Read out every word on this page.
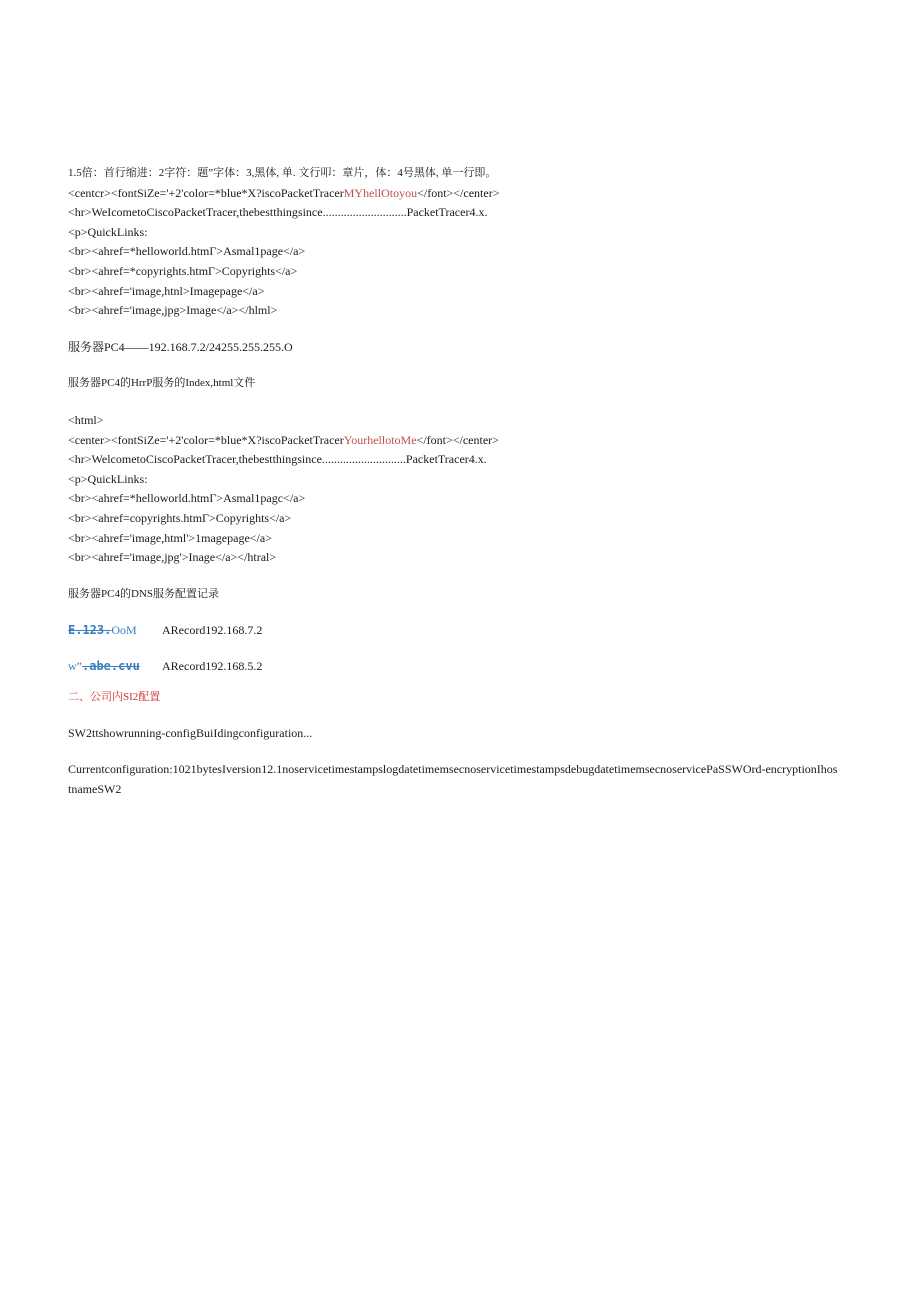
1.5倍：首行缩进：2字符：题”字体：3,黑体, 单. 文行叩：章片，体：4号黑体, 单一行即。
<centcr><fontSiZe='+2'color=*blue*X?iscoPacketTracerMYhellOtoyou</font></center>
<hr>WeIcometoCiscoPacketTracer,thebestthingsince............................PacketTracer4.x.
<p>QuickLinks:
<br><ahref=*helloworld.htmΓ>Asmal1page</a>
<br><ahref=*copyrights.htmΓ>Copyrights</a>
<br><ahref='image,htnl>Imagepage</a>
<br><ahref='image,jpg>Image</a></hlml>
服务器PC4——192.168.7.2/24255.255.255.O
服务器PC4的HrrP服务的Index,html文件
<html>
<center><fontSiZe='+2'color=*blue*X?iscoPacketTracerYourhellotoMe</font></center>
<hr>WelcometoCiscoPacketTracer,thebestthingsince............................PacketTracer4.x.
<p>QuickLinks:
<br><ahref=*helloworld.htmΓ>Asmal1pagc</a>
<br><ahref=copyrights.htmΓ>Copyrights</a>
<br><ahref='image,html'>1magepage</a>
<br><ahref='image,jpg'>Inage</a></htral>
服务器PC4的DNS服务配置记录
E.123.OoM	ARecord192.168.7.2
w”.abe.cvu	ARecord192.168.5.2
二、公司内SI2配置
SW2ttshowrunning-configBuiIdingconfiguration...
Currentconfiguration:1021bytesIversion12.1noservicetimestampslogdatetimemsecnoservicetimestampsdebugdatetimemsecnoservicePaSSWOrd-encryptionIhostnameSW2
